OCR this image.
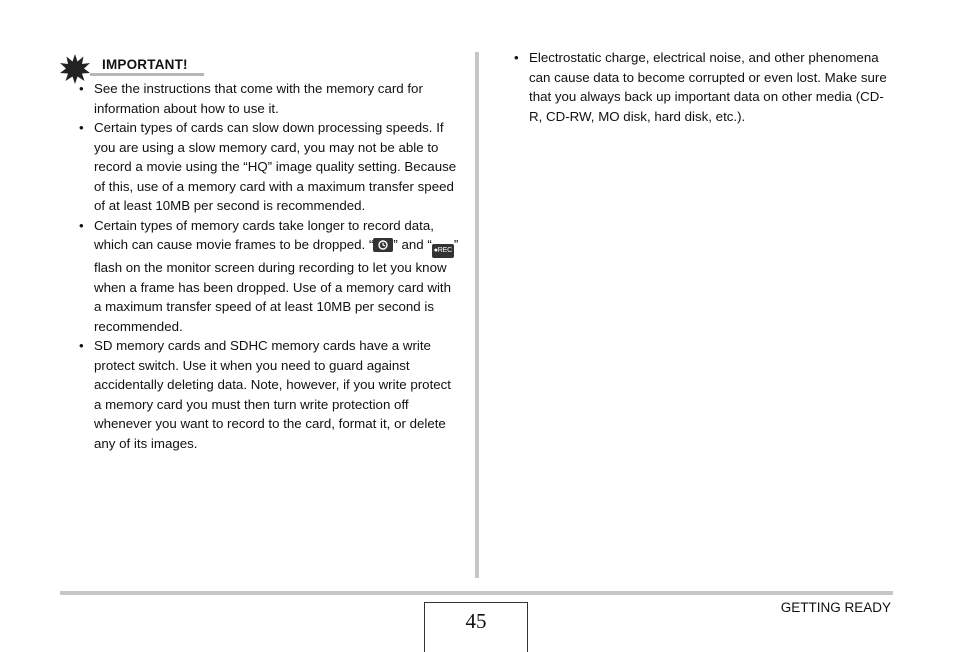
IMPORTANT!
• See the instructions that come with the memory card for information about how to use it.
• Certain types of cards can slow down processing speeds. If you are using a slow memory card, you may not be able to record a movie using the “HQ” image quality setting. Because of this, use of a memory card with a maximum transfer speed of at least 10MB per second is recommended.
• Certain types of memory cards take longer to record data, which can cause movie frames to be dropped. “ ” and “ ●REC ” flash on the monitor screen during recording to let you know when a frame has been dropped. Use of a memory card with a maximum transfer speed of at least 10MB per second is recommended.
• SD memory cards and SDHC memory cards have a write protect switch. Use it when you need to guard against accidentally deleting data. Note, however, if you write protect a memory card you must then turn write protection off whenever you want to record to the card, format it, or delete any of its images.
• Electrostatic charge, electrical noise, and other phenomena can cause data to become corrupted or even lost. Make sure that you always back up important data on other media (CD-R, CD-RW, MO disk, hard disk, etc.).
45
GETTING READY
